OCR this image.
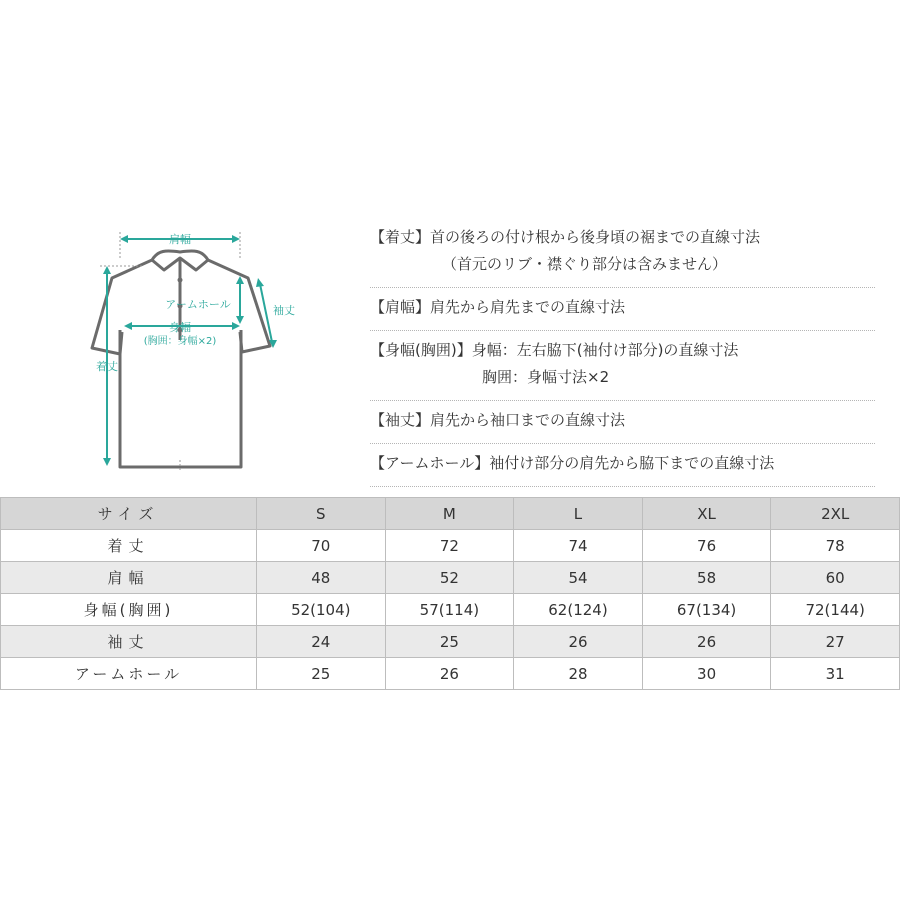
肩幅
アームホール	袖丈
身幅
(胸囲：身幅×2)
着丈
【着丈】首の後ろの付け根から後身頃の裾までの直線寸法
（首元のリブ・襟ぐり部分は含みません）
【肩幅】肩先から肩先までの直線寸法
【身幅(胸囲)】身幅：左右脇下(袖付け部分)の直線寸法
胸囲：身幅寸法×2
【袖丈】肩先から袖口までの直線寸法
【アームホール】袖付け部分の肩先から脇下までの直線寸法
サイズ	S	M	L	XL	2XL
着丈	70	72	74	76	78
肩幅	48	52	54	58	60
身幅(胸囲)	52(104)	57(114)	62(124)	67(134)	72(144)
袖丈	24	25	26	26	27
アームホール	25	26	28	30	31
